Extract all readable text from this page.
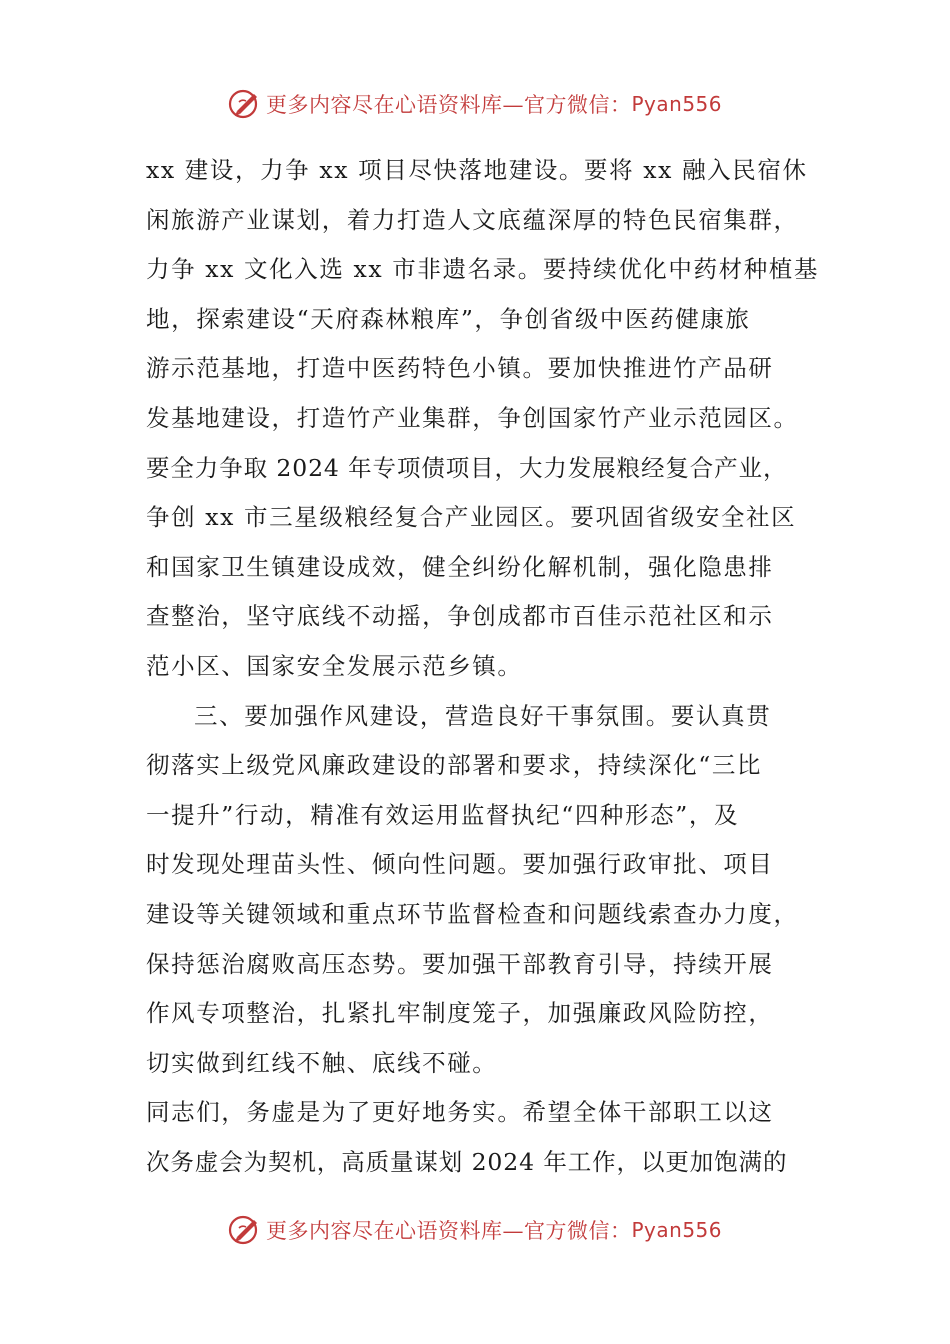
更多内容尽在心语资料库—官方微信： Pyan556
xx 建设，力争 xx 项目尽快落地建设。要将 xx 融入民宿休
闲旅游产业谋划，着力打造人文底蕴深厚的特色民宿集群，
力争 xx 文化入选 xx 市非遗名录。要持续优化中药材种植基
地，探索建设“天府森林粮库”，争创省级中医药健康旅
游示范基地，打造中医药特色小镇。要加快推进竹产品研
发基地建设，打造竹产业集群，争创国家竹产业示范园区。
要全力争取 2024 年专项债项目，大力发展粮经复合产业，
争创 xx 市三星级粮经复合产业园区。要巩固省级安全社区
和国家卫生镇建设成效，健全纠纷化解机制，强化隐患排
查整治，坚守底线不动摇，争创成都市百佳示范社区和示
范小区、国家安全发展示范乡镇。
三、要加强作风建设，营造良好干事氛围。要认真贯
彻落实上级党风廉政建设的部署和要求，持续深化“三比
一提升”行动，精准有效运用监督执纪“四种形态”，及
时发现处理苗头性、倾向性问题。要加强行政审批、项目
建设等关键领域和重点环节监督检查和问题线索查办力度，
保持惩治腐败高压态势。要加强干部教育引导，持续开展
作风专项整治，扎紧扎牢制度笼子，加强廉政风险防控，
切实做到红线不触、底线不碰。
同志们，务虚是为了更好地务实。希望全体干部职工以这
次务虚会为契机，高质量谋划 2024 年工作，以更加饱满的
更多内容尽在心语资料库—官方微信： Pyan556
